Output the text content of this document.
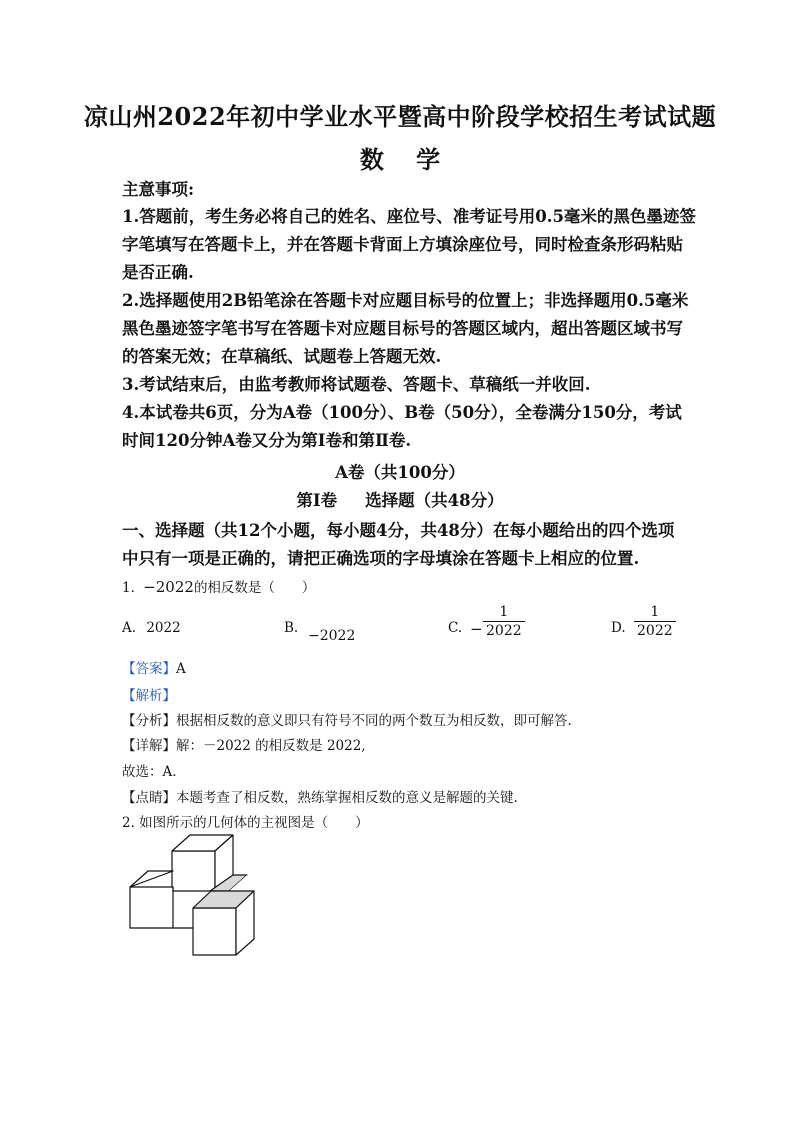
凉山州2022年初中学业水平暨高中阶段学校招生考试试题
数 学
主意事项:
1.答题前，考生务必将自己的姓名、座位号、准考证号用0.5毫米的黑色墨迹签
字笔填写在答题卡上，并在答题卡背面上方填涂座位号，同时检查条形码粘贴
是否正确.
2.选择题使用2B铅笔涂在答题卡对应题目标号的位置上；非选择题用0.5毫米
黑色墨迹签字笔书写在答题卡对应题目标号的答题区域内，超出答题区域书写
的答案无效；在草稿纸、试题卷上答题无效.
3.考试结束后，由监考教师将试题卷、答题卡、草稿纸一并收回.
4.本试卷共6页，分为A卷（100分）、B卷（50分），全卷满分150分，考试
时间120分钟A卷又分为第I卷和第Ⅱ卷.
A卷（共100分）
第I卷 选择题（共48分）
一、选择题（共12个小题，每小题4分，共48分）在每小题给出的四个选项
中只有一项是正确的，请把正确选项的字母填涂在答题卡上相应的位置.
1. −2022的相反数是（　　）
A. 2022	B. −2022	C. − $\frac{1}{2022}$	D. $\frac{1}{2022}$
【答案】A
【解析】
【分析】根据相反数的意义即只有符号不同的两个数互为相反数，即可解答.
【详解】解：－2022 的相反数是 2022,
故选：A.
【点睛】本题考查了相反数，熟练掌握相反数的意义是解题的关键.
2. 如图所示的几何体的主视图是（　　）
